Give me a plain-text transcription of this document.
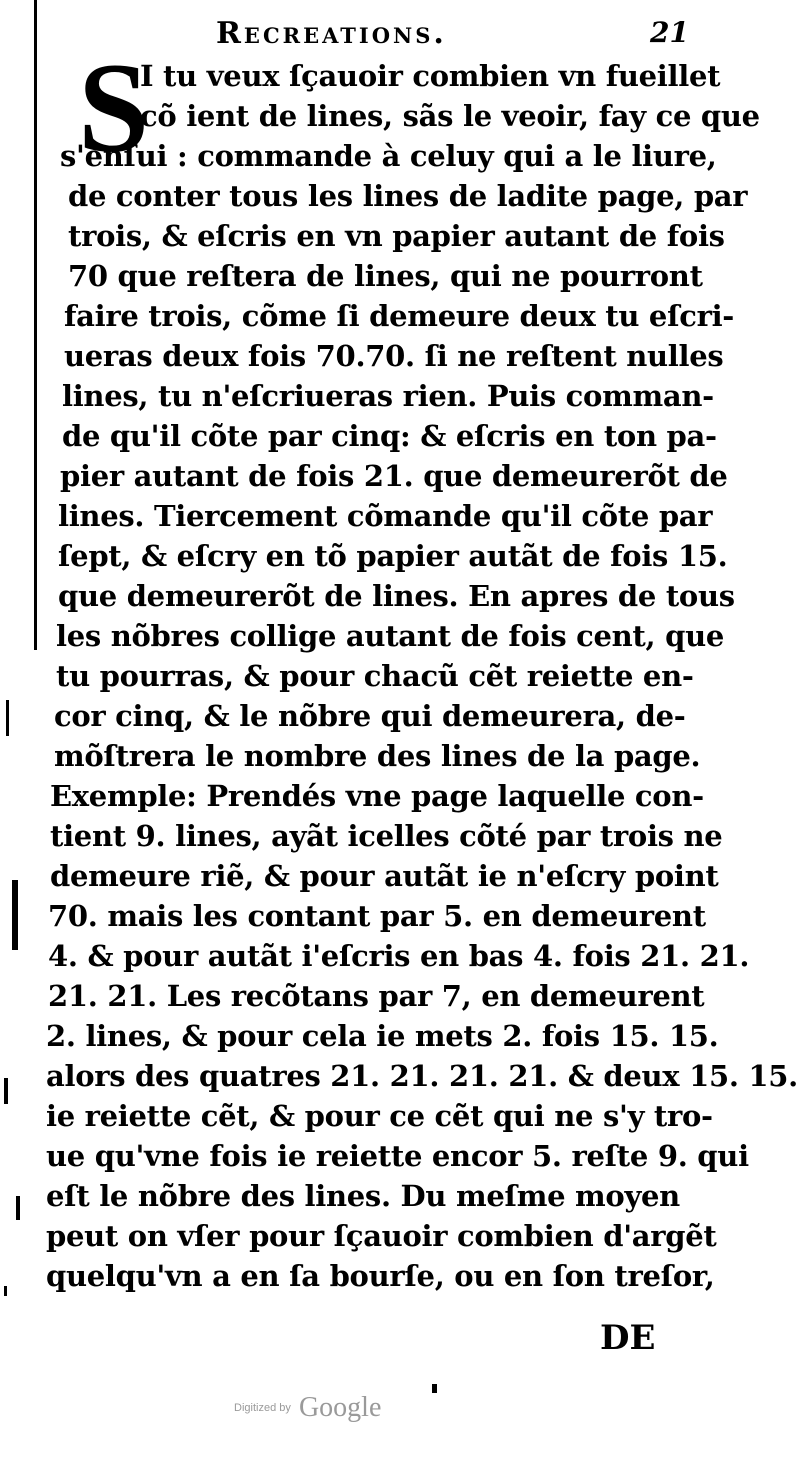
Recreations.	21
S
I tu veux ſçauoir combien vn fueillet
cõ ient de lines, sãs le veoir, fay ce que
s'enſui : commande à celuy qui a le liure,
de conter tous les lines de ladite page, par
trois, & eſcris en vn papier autant de fois
70 que reſtera de lines, qui ne pourront
faire trois, cõme ſi demeure deux tu eſcri-
ueras deux fois 70.70. ſi ne reſtent nulles
lines, tu n'eſcriueras rien. Puis comman-
de qu'il cõte par cinq: & eſcris en ton pa-
pier autant de fois 21. que demeurerõt de
lines. Tiercement cõmande qu'il cõte par
ſept, & eſcry en tõ papier autãt de fois 15.
que demeurerõt de lines. En apres de tous
les nõbres collige autant de fois cent, que
tu pourras, & pour chacũ cẽt reiette en-
cor cinq, & le nõbre qui demeurera, de-
mõſtrera le nombre des lines de la page.
Exemple: Prendés vne page laquelle con-
tient 9. lines, ayãt icelles cõté par trois ne
demeure riẽ, & pour autãt ie n'eſcry point
70. mais les contant par 5. en demeurent
4. & pour autãt i'eſcris en bas 4. fois 21. 21.
21. 21. Les recõtans par 7, en demeurent
2. lines, & pour cela ie mets 2. fois 15. 15.
alors des quatres 21. 21. 21. 21. & deux 15. 15.
ie reiette cẽt, & pour ce cẽt qui ne s'y tro-
ue qu'vne fois ie reiette encor 5. reſte 9. qui
eſt le nõbre des lines. Du meſme moyen
peut on vſer pour ſçauoir combien d'argẽt
quelqu'vn a en ſa bourſe, ou en ſon treſor,
DE
Digitized by Google
